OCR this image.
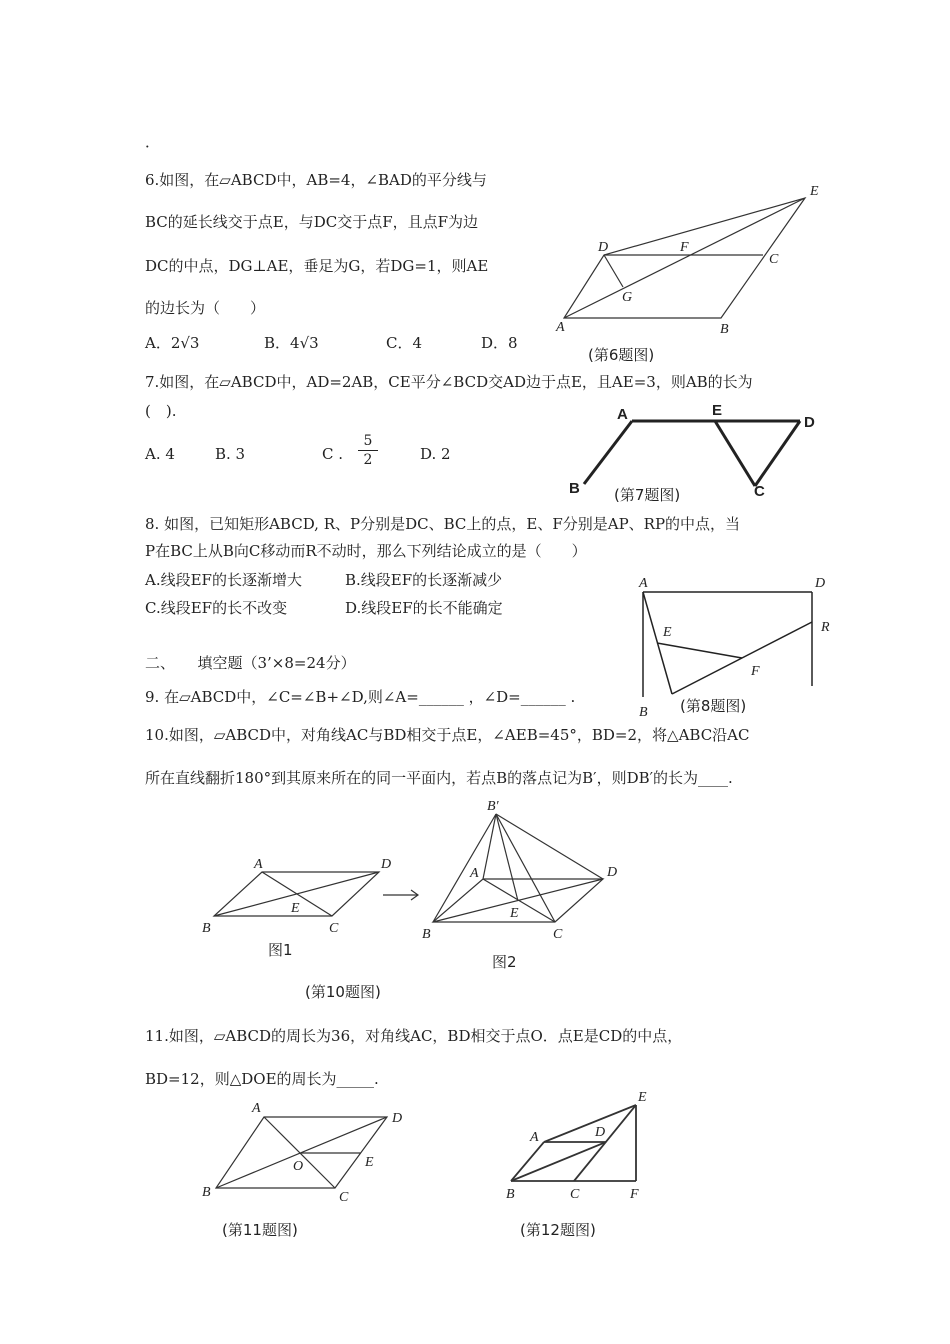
．
6.如图，在▱ABCD中，AB=4，∠BAD的平分线与
BC的延长线交于点E，与DC交于点F，且点F为边
DC的中点，DG⊥AE，垂足为G，若DG=1，则AE
的边长为（　　）
A．2√3	B．4√3	C．4	D．8
7.如图，在▱ABCD中，AD=2AB，CE平分∠BCD交AD边于点E，且AE=3，则AB的长为
(　).
A. 4	B. 3	C .
5
2	D. 2
8. 如图，已知矩形ABCD, R、P分别是DC、BC上的点，E、F分别是AP、RP的中点，当
P在BC上从B向C移动而R不动时，那么下列结论成立的是（　　）
A.线段EF的长逐渐增大	B.线段EF的长逐渐减少
C.线段EF的长不改变	D.线段EF的长不能确定
二、　　填空题（3’×8=24分）
9. 在▱ABCD中，∠C=∠B+∠D,则∠A=______ ，∠D=______ .
10.如图，▱ABCD中，对角线AC与BD相交于点E，∠AEB=45°，BD=2，将△ABC沿AC
所在直线翻折180°到其原来所在的同一平面内，若点B的落点记为B′，则DB′的长为____.
11.如图，▱ABCD的周长为36，对角线AC，BD相交于点O．点E是CD的中点，
BD=12，则△DOE的周长为_____.
(第6题图)
(第7题图)
(第8题图)
图1
图2
(第10题图)
(第11题图)	(第12题图)
A	B
C
D
E
F
G
A	E
D
B	C
A	D
E	R
F
B
A	D
E
B	C
B′
A	D
E
B	C
A
D
O	E
B	C
E
A	D
B	C	F
